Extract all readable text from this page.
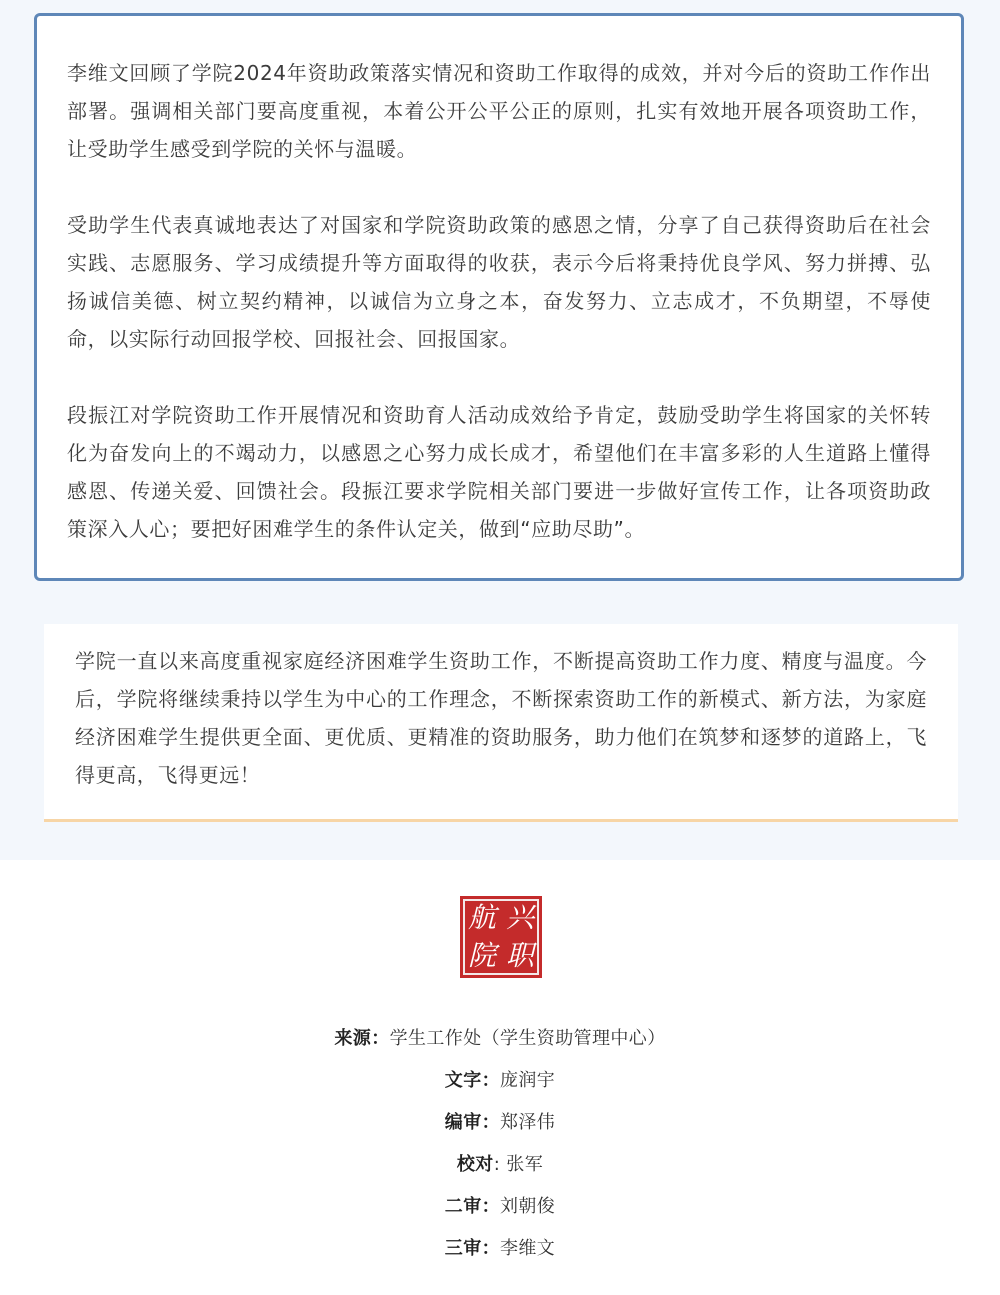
李维文回顾了学院2024年资助政策落实情况和资助工作取得的成效，并对今后的资助工作作出部署。强调相关部门要高度重视，本着公开公平公正的原则，扎实有效地开展各项资助工作，让受助学生感受到学院的关怀与温暖。

受助学生代表真诚地表达了对国家和学院资助政策的感恩之情，分享了自己获得资助后在社会实践、志愿服务、学习成绩提升等方面取得的收获，表示今后将秉持优良学风、努力拼搏、弘扬诚信美德、树立契约精神，以诚信为立身之本，奋发努力、立志成才，不负期望，不辱使命，以实际行动回报学校、回报社会、回报国家。

段振江对学院资助工作开展情况和资助育人活动成效给予肯定，鼓励受助学生将国家的关怀转化为奋发向上的不竭动力，以感恩之心努力成长成才，希望他们在丰富多彩的人生道路上懂得感恩、传递关爱、回馈社会。段振江要求学院相关部门要进一步做好宣传工作，让各项资助政策深入人心；要把好困难学生的条件认定关，做到“应助尽助”。

学院一直以来高度重视家庭经济困难学生资助工作，不断提高资助工作力度、精度与温度。今后，学院将继续秉持以学生为中心的工作理念，不断探索资助工作的新模式、新方法，为家庭经济困难学生提供更全面、更优质、更精准的资助服务，助力他们在筑梦和逐梦的道路上，飞得更高，飞得更远！

兴
航
职
院
来源：学生工作处（学生资助管理中心）
文字：庞润宇
编审：郑泽伟
校对: 张军
二审：刘朝俊
三审：李维文
